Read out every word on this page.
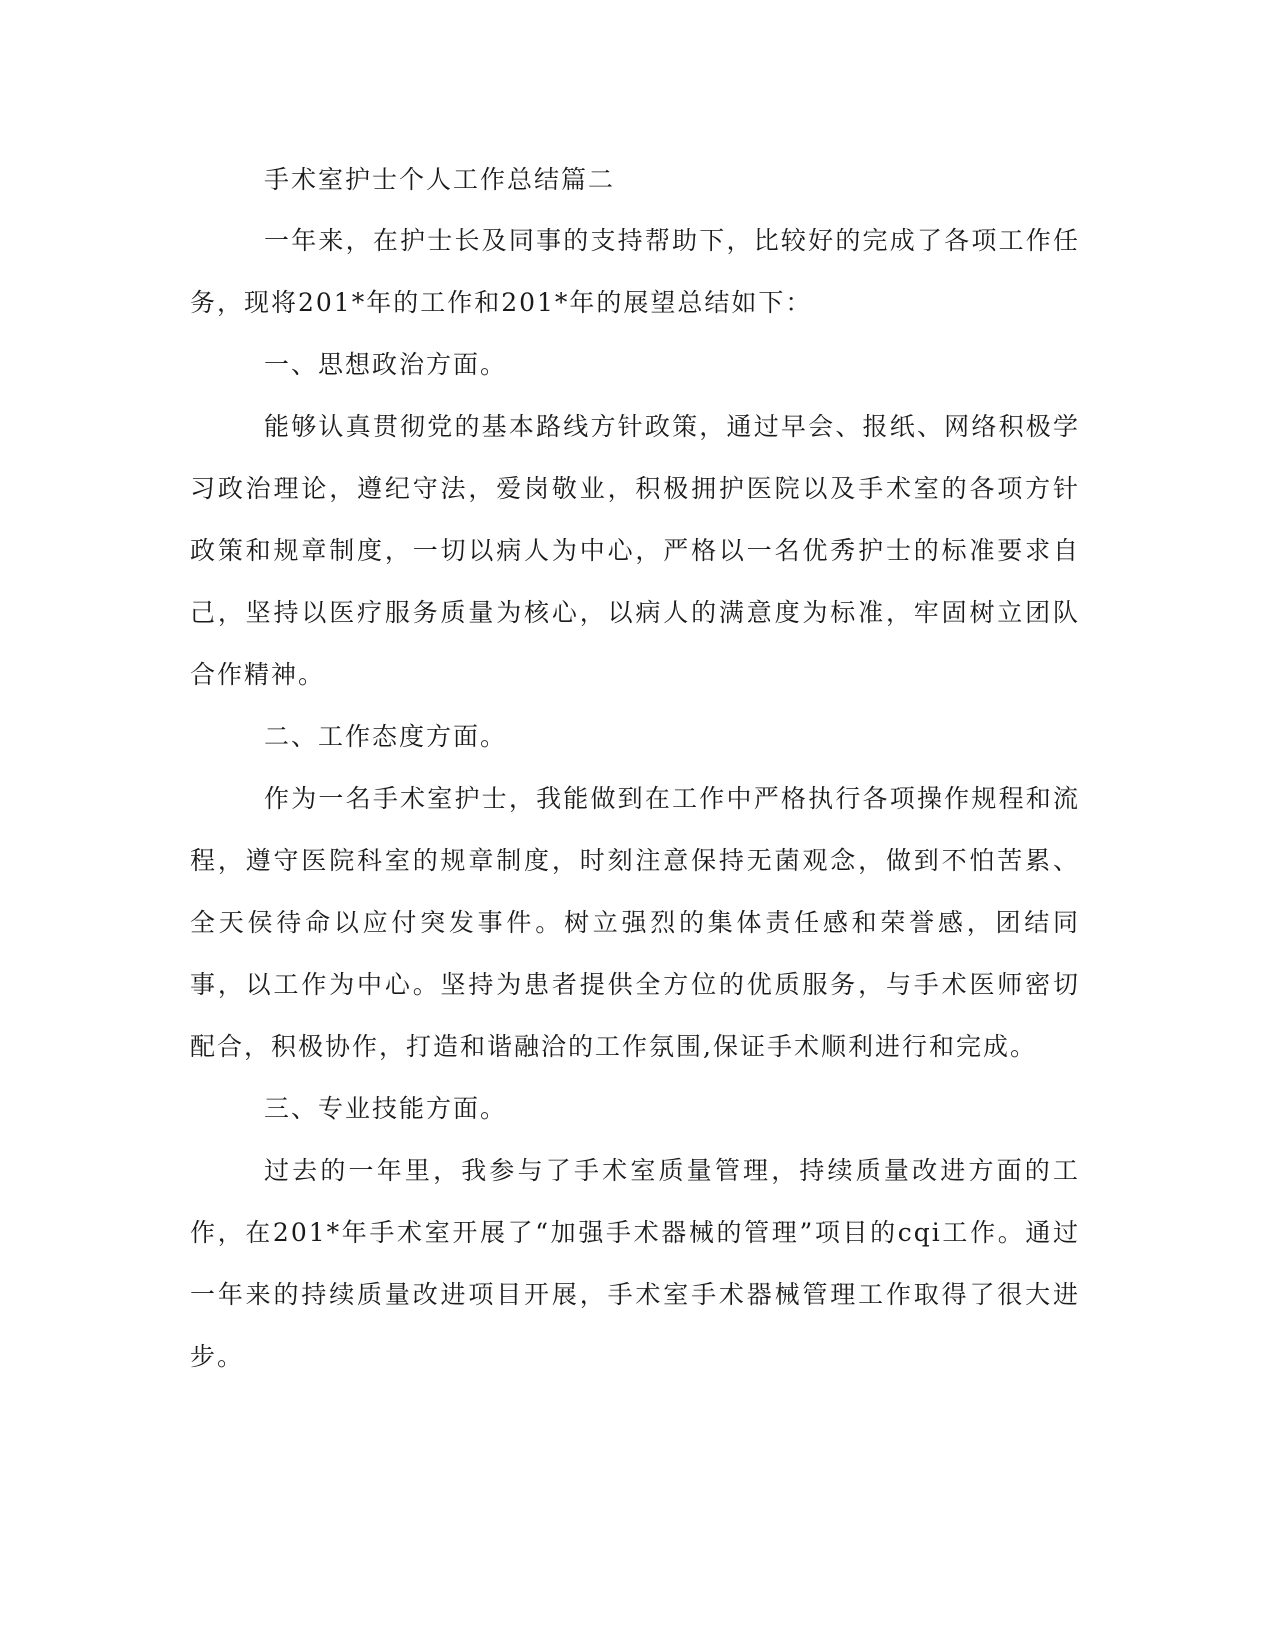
手术室护士个人工作总结篇二

一年来，在护士长及同事的支持帮助下，比较好的完成了各项工作任务，现将201*年的工作和201*年的展望总结如下：

一、思想政治方面。

能够认真贯彻党的基本路线方针政策，通过早会、报纸、网络积极学习政治理论，遵纪守法，爱岗敬业，积极拥护医院以及手术室的各项方针政策和规章制度，一切以病人为中心，严格以一名优秀护士的标准要求自己，坚持以医疗服务质量为核心，以病人的满意度为标准，牢固树立团队合作精神。

二、工作态度方面。

作为一名手术室护士，我能做到在工作中严格执行各项操作规程和流程，遵守医院科室的规章制度，时刻注意保持无菌观念，做到不怕苦累、全天侯待命以应付突发事件。树立强烈的集体责任感和荣誉感，团结同事，以工作为中心。坚持为患者提供全方位的优质服务，与手术医师密切配合，积极协作，打造和谐融洽的工作氛围,保证手术顺利进行和完成。

三、专业技能方面。

过去的一年里，我参与了手术室质量管理，持续质量改进方面的工作，在201*年手术室开展了“加强手术器械的管理”项目的cqi工作。通过一年来的持续质量改进项目开展，手术室手术器械管理工作取得了很大进步。
